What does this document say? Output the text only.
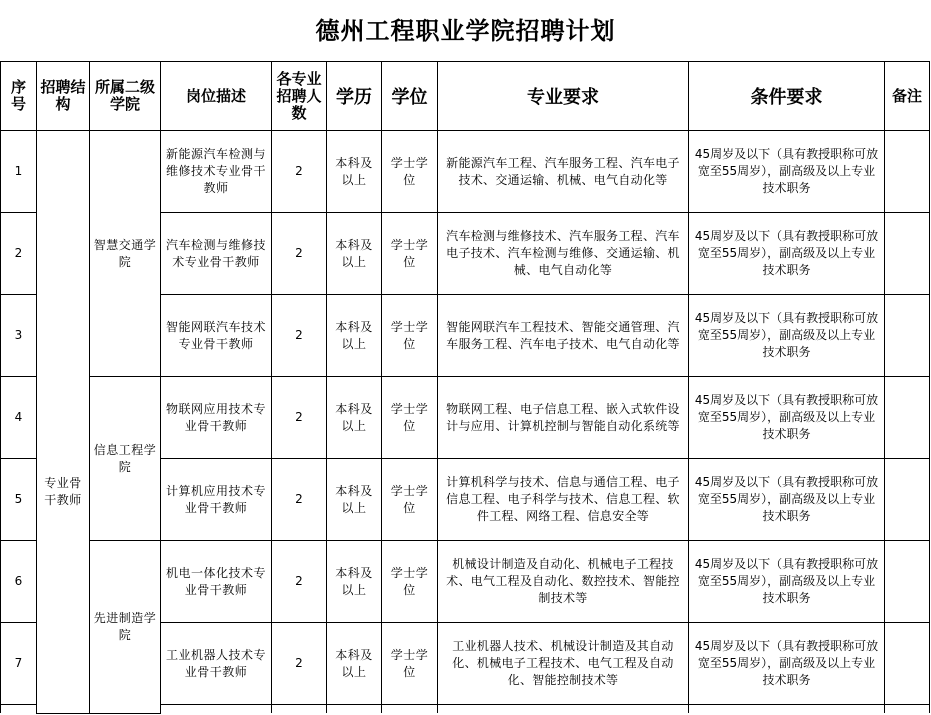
德州工程职业学院招聘计划
序号	招聘结构	所属二级学院	岗位描述	各专业招聘人数	学历	学位	专业要求	条件要求	备注	
1	专业骨干教师	智慧交通学院	新能源汽车检测与维修技术专业骨干教师	2	本科及以上	学士学位	新能源汽车工程、汽车服务工程、汽车电子技术、交通运输、机械、电气自动化等	45周岁及以下（具有教授职称可放宽至55周岁），副高级及以上专业技术职务		
2			汽车检测与维修技术专业骨干教师	2	本科及以上	学士学位	汽车检测与维修技术、汽车服务工程、汽车电子技术、汽车检测与维修、交通运输、机械、电气自动化等	45周岁及以下（具有教授职称可放宽至55周岁），副高级及以上专业技术职务		
3			智能网联汽车技术专业骨干教师	2	本科及以上	学士学位	智能网联汽车工程技术、智能交通管理、汽车服务工程、汽车电子技术、电气自动化等	45周岁及以下（具有教授职称可放宽至55周岁），副高级及以上专业技术职务		
4		信息工程学院	物联网应用技术专业骨干教师	2	本科及以上	学士学位	物联网工程、电子信息工程、嵌入式软件设计与应用、计算机控制与智能自动化系统等	45周岁及以下（具有教授职称可放宽至55周岁），副高级及以上专业技术职务		
5			计算机应用技术专业骨干教师	2	本科及以上	学士学位	计算机科学与技术、信息与通信工程、电子信息工程、电子科学与技术、信息工程、软件工程、网络工程、信息安全等	45周岁及以下（具有教授职称可放宽至55周岁），副高级及以上专业技术职务		
6		先进制造学院	机电一体化技术专业骨干教师	2	本科及以上	学士学位	机械设计制造及自动化、机械电子工程技术、电气工程及自动化、数控技术、智能控制技术等	45周岁及以下（具有教授职称可放宽至55周岁），副高级及以上专业技术职务		
7			工业机器人技术专业骨干教师	2	本科及以上	学士学位	工业机器人技术、机械设计制造及其自动化、机械电子工程技术、电气工程及自动化、智能控制技术等	45周岁及以下（具有教授职称可放宽至55周岁），副高级及以上专业技术职务		
